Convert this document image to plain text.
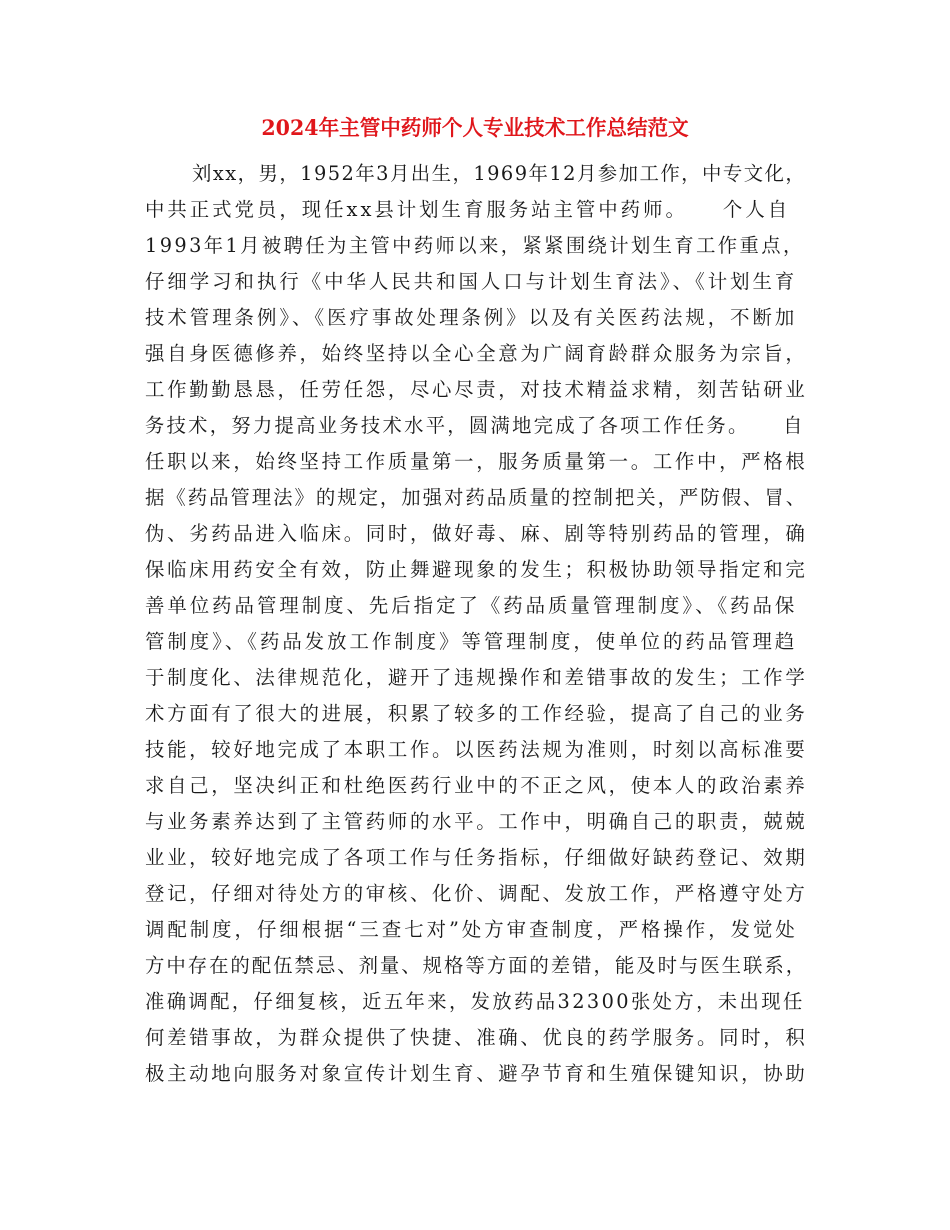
2024年主管中药师个人专业技术工作总结范文
刘xx，男，1952年3月出生，1969年12月参加工作，中专文化，
中共正式党员，现任xx县计划生育服务站主管中药师。　　个人自
1993年1月被聘任为主管中药师以来，紧紧围绕计划生育工作重点，
仔细学习和执行《中华人民共和国人口与计划生育法》、《计划生育
技术管理条例》、《医疗事故处理条例》以及有关医药法规，不断加
强自身医德修养，始终坚持以全心全意为广阔育龄群众服务为宗旨，
工作勤勤恳恳，任劳任怨，尽心尽责，对技术精益求精，刻苦钻研业
务技术，努力提高业务技术水平，圆满地完成了各项工作任务。　　自
任职以来，始终坚持工作质量第一，服务质量第一。工作中，严格根
据《药品管理法》的规定，加强对药品质量的控制把关，严防假、冒、
伪、劣药品进入临床。同时，做好毒、麻、剧等特别药品的管理，确
保临床用药安全有效，防止舞避现象的发生；积极协助领导指定和完
善单位药品管理制度、先后指定了《药品质量管理制度》、《药品保
管制度》、《药品发放工作制度》等管理制度，使单位的药品管理趋
于制度化、法律规范化，避开了违规操作和差错事故的发生；工作学
术方面有了很大的进展，积累了较多的工作经验，提高了自己的业务
技能，较好地完成了本职工作。以医药法规为准则，时刻以高标准要
求自己，坚决纠正和杜绝医药行业中的不正之风，使本人的政治素养
与业务素养达到了主管药师的水平。工作中，明确自己的职责，兢兢
业业，较好地完成了各项工作与任务指标，仔细做好缺药登记、效期
登记，仔细对待处方的审核、化价、调配、发放工作，严格遵守处方
调配制度，仔细根据“三查七对”处方审查制度，严格操作，发觉处
方中存在的配伍禁忌、剂量、规格等方面的差错，能及时与医生联系，
准确调配，仔细复核，近五年来，发放药品32300张处方，未出现任
何差错事故，为群众提供了快捷、准确、优良的药学服务。同时，积
极主动地向服务对象宣传计划生育、避孕节育和生殖保键知识，协助
